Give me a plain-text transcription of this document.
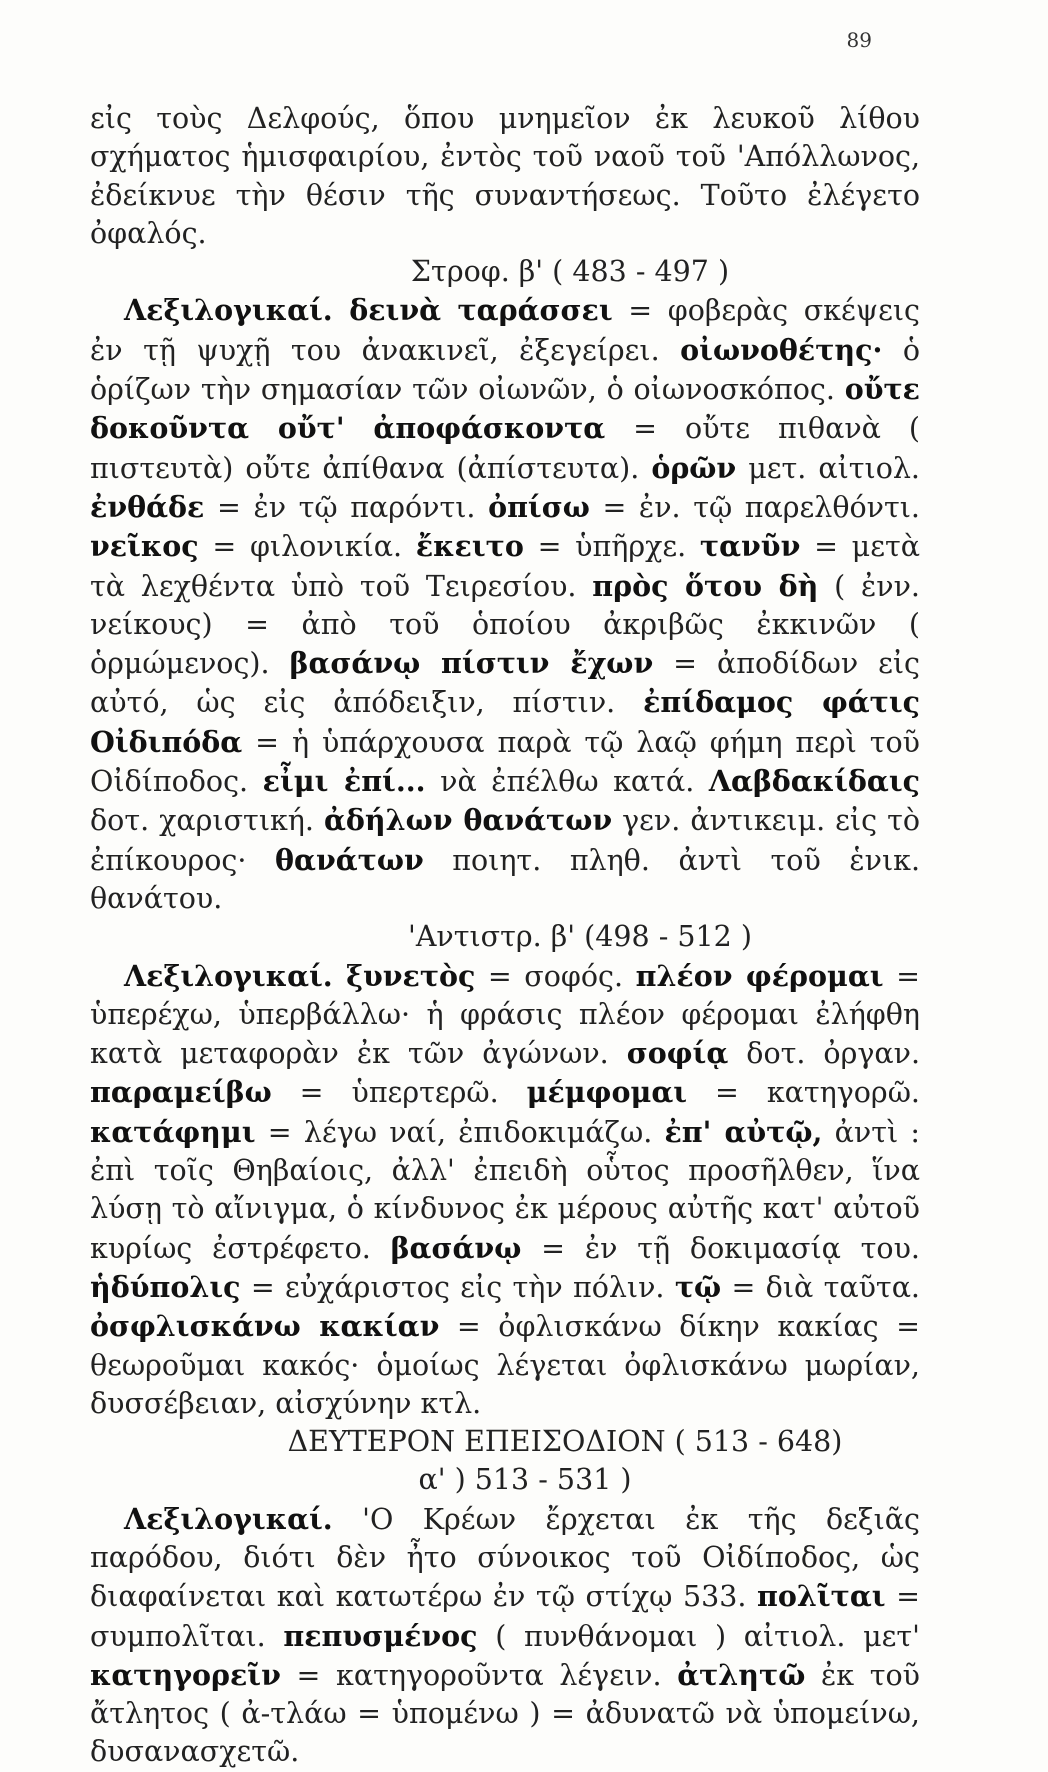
89

εἰς τοὺς Δελφούς, ὅπου μνημεῖον ἐκ λευκοῦ λίθου σχήματος ἡμισφαιρίου, ἐντὸς τοῦ ναοῦ τοῦ 'Απόλλωνος, ἐδείκνυε τὴν θέσιν τῆς συναντήσεως. Τοῦτο ἐλέγετο ὀφαλός.

Στροφ. β' ( 483 - 497 )

Λεξιλογικαί. δεινὰ ταράσσει = φοβερὰς σκέψεις ἐν τῇ ψυχῇ του ἀνακινεῖ, ἐξεγείρει. οἰωνοθέτης· ὁ ὁρίζων τὴν σημασίαν τῶν οἰωνῶν, ὁ οἰωνοσκόπος. οὔτε δοκοῦντα οὔτ' ἀποφάσκοντα = οὔτε πιθανὰ ( πιστευτὰ) οὔτε ἀπίθανα (ἀπίστευτα). ὁρῶν μετ. αἰτιολ. ἐνθάδε = ἐν τῷ παρόντι. ὀπίσω = ἐν. τῷ παρελθόντι. νεῖκος = φιλονικία. ἔκειτο = ὑπῆρχε. τανῦν = μετὰ τὰ λεχθέντα ὑπὸ τοῦ Τειρεσίου. πρὸς ὅτου δὴ ( ἐνν. νείκους) = ἀπὸ τοῦ ὁποίου ἀκριβῶς ἐκκινῶν ( ὁρμώμενος). βασάνῳ πίστιν ἔχων = ἀποδίδων εἰς αὐτό, ὡς εἰς ἀπόδειξιν, πίστιν. ἐπίδαμος φάτις Οἰδιπόδα = ἡ ὑπάρχουσα παρὰ τῷ λαῷ φήμη περὶ τοῦ Οἰδίποδος. εἶμι ἐπί... νὰ ἐπέλθω κατά. Λαβδακίδαις δοτ. χαριστική. ἀδήλων θανάτων γεν. ἀντικειμ. εἰς τὸ ἐπίκουρος· θανάτων ποιητ. πληθ. ἀντὶ τοῦ ἑνικ. θανάτου.

'Αντιστρ. β' (498 - 512 )

Λεξιλογικαί. ξυνετὸς = σοφός. πλέον φέρομαι = ὑπερέχω, ὑπερβάλλω· ἡ φράσις πλέον φέρομαι ἐλήφθη κατὰ μεταφορὰν ἐκ τῶν ἀγώνων. σοφίᾳ δοτ. ὀργαν. παραμείβω = ὑπερτερῶ. μέμφομαι = κατηγορῶ. κατάφημι = λέγω ναί, ἐπιδοκιμάζω. ἐπ' αὐτῷ, ἀντὶ : ἐπὶ τοῖς Θηβαίοις, ἀλλ' ἐπειδὴ οὗτος προσῆλθεν, ἵνα λύσῃ τὸ αἴνιγμα, ὁ κίνδυνος ἐκ μέρους αὐτῆς κατ' αὐτοῦ κυρίως ἐστρέφετο. βασάνῳ = ἐν τῇ δοκιμασίᾳ του. ἡδύπολις = εὐχάριστος εἰς τὴν πόλιν. τῷ = διὰ ταῦτα. ὀσφλισκάνω κακίαν = ὀφλισκάνω δίκην κακίας = θεωροῦμαι κακός· ὁμοίως λέγεται ὀφλισκάνω μωρίαν, δυσσέβειαν, αἰσχύνην κτλ.

ΔΕΥΤΕΡΟΝ ΕΠΕΙΣΟΔΙΟΝ ( 513 - 648)

α' ) 513 - 531 )

Λεξιλογικαί. 'Ο Κρέων ἔρχεται ἐκ τῆς δεξιᾶς παρόδου, διότι δὲν ἦτο σύνοικος τοῦ Οἰδίποδος, ὡς διαφαίνεται καὶ κατωτέρω ἐν τῷ στίχῳ 533. πολῖται = συμπολῖται. πεπυσμένος ( πυνθάνομαι ) αἰτιολ. μετ' κατηγορεῖν = κατηγοροῦντα λέγειν. ἀτλητῶ ἐκ τοῦ ἄτλητος ( ἀ-τλάω = ὑπομένω ) = ἀδυνατῶ νὰ ὑπομείνω, δυσανασχετῶ.
